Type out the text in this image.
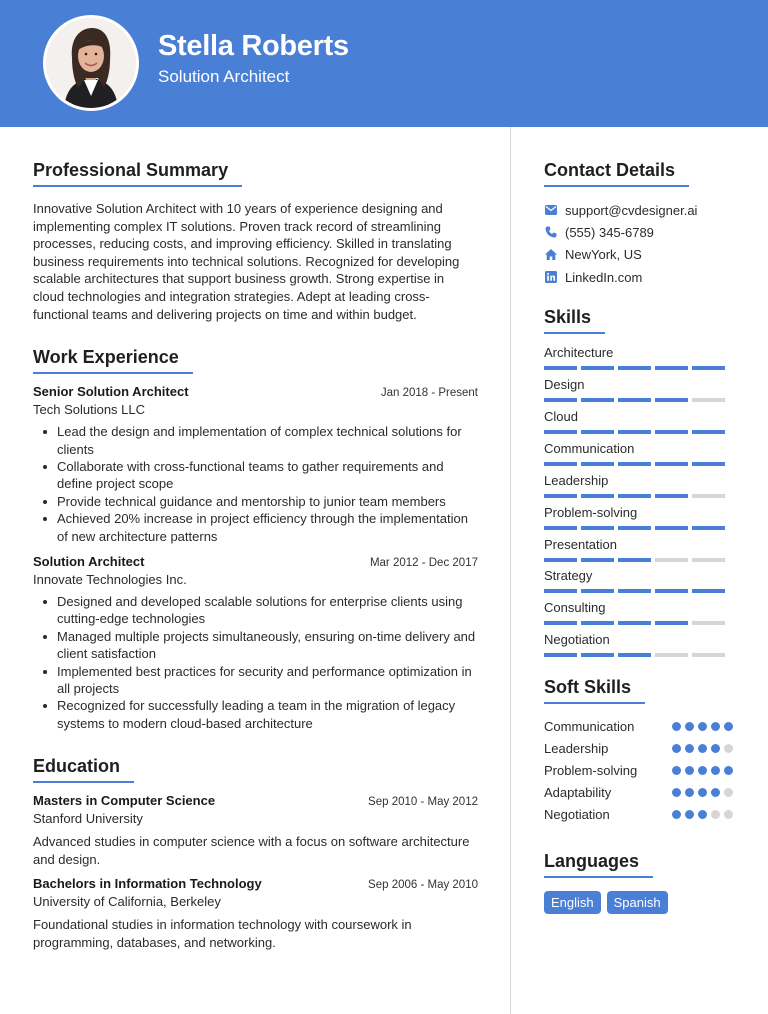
Stella Roberts
Solution Architect
Professional Summary

Innovative Solution Architect with 10 years of experience designing and implementing complex IT solutions. Proven track record of streamlining processes, reducing costs, and improving efficiency. Skilled in translating business requirements into technical solutions. Recognized for developing scalable architectures that support business growth. Strong expertise in cloud technologies and integration strategies. Adept at leading cross-functional teams and delivering projects on time and within budget.

Work Experience
Senior Solution Architect	Jan 2018 - Present
Tech Solutions LLC
Lead the design and implementation of complex technical solutions for clients
Collaborate with cross-functional teams to gather requirements and define project scope
Provide technical guidance and mentorship to junior team members
Achieved 20% increase in project efficiency through the implementation of new architecture patterns
Solution Architect	Mar 2012 - Dec 2017
Innovate Technologies Inc.
Designed and developed scalable solutions for enterprise clients using cutting-edge technologies
Managed multiple projects simultaneously, ensuring on-time delivery and client satisfaction
Implemented best practices for security and performance optimization in all projects
Recognized for successfully leading a team in the migration of legacy systems to modern cloud-based architecture
Education
Masters in Computer Science	Sep 2010 - May 2012
Stanford University

Advanced studies in computer science with a focus on software architecture and design.

Bachelors in Information Technology	Sep 2006 - May 2010
University of California, Berkeley

Foundational studies in information technology with coursework in programming, databases, and networking.

Contact Details
support@cvdesigner.ai
(555) 345-6789
NewYork, US
LinkedIn.com
Skills
Architecture
Design
Cloud
Communication
Leadership
Problem-solving
Presentation
Strategy
Consulting
Negotiation
Soft Skills
Communication
Leadership
Problem-solving
Adaptability
Negotiation
Languages
English	Spanish
